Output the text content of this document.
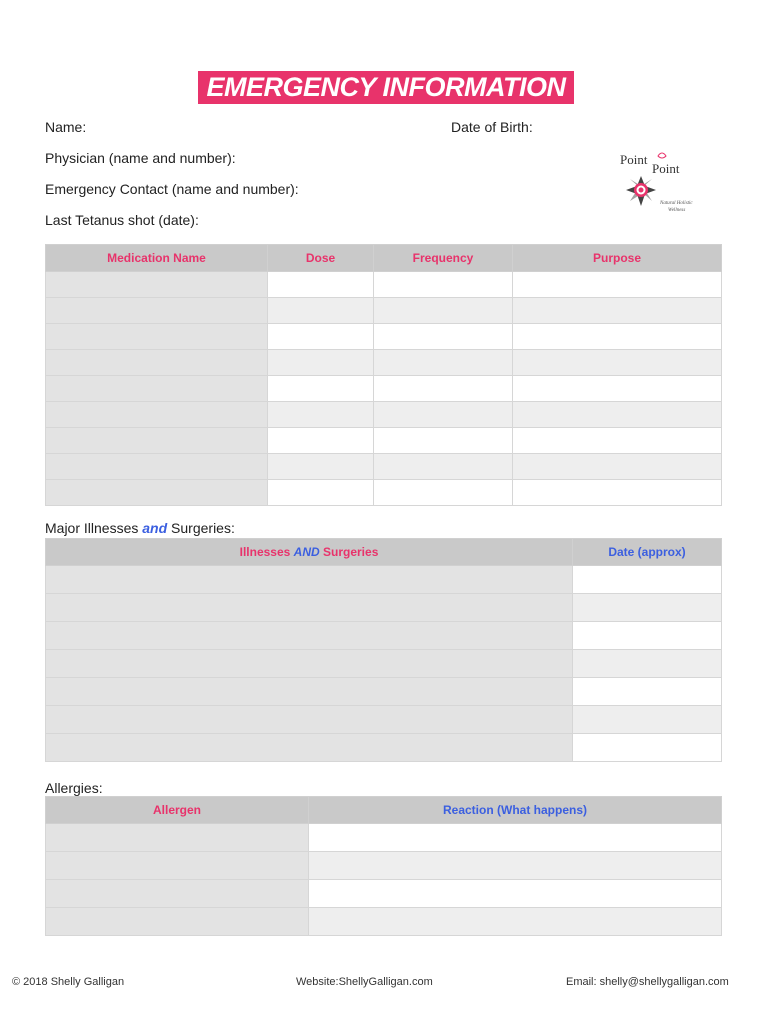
EMERGENCY INFORMATION
Name:	Date of Birth:
Physician (name and number):
Emergency Contact (name and number):
Last Tetanus shot (date):
Point
Point
Natural Holistic
Wellness
Medication Name	Dose	Frequency	Purpose

Major Illnesses and Surgeries:
Illnesses AND Surgeries	Date (approx)

Allergies:
Allergen	Reaction (What happens)

© 2018 Shelly Galligan	Website:ShellyGalligan.com	Email: shelly@shellygalligan.com
